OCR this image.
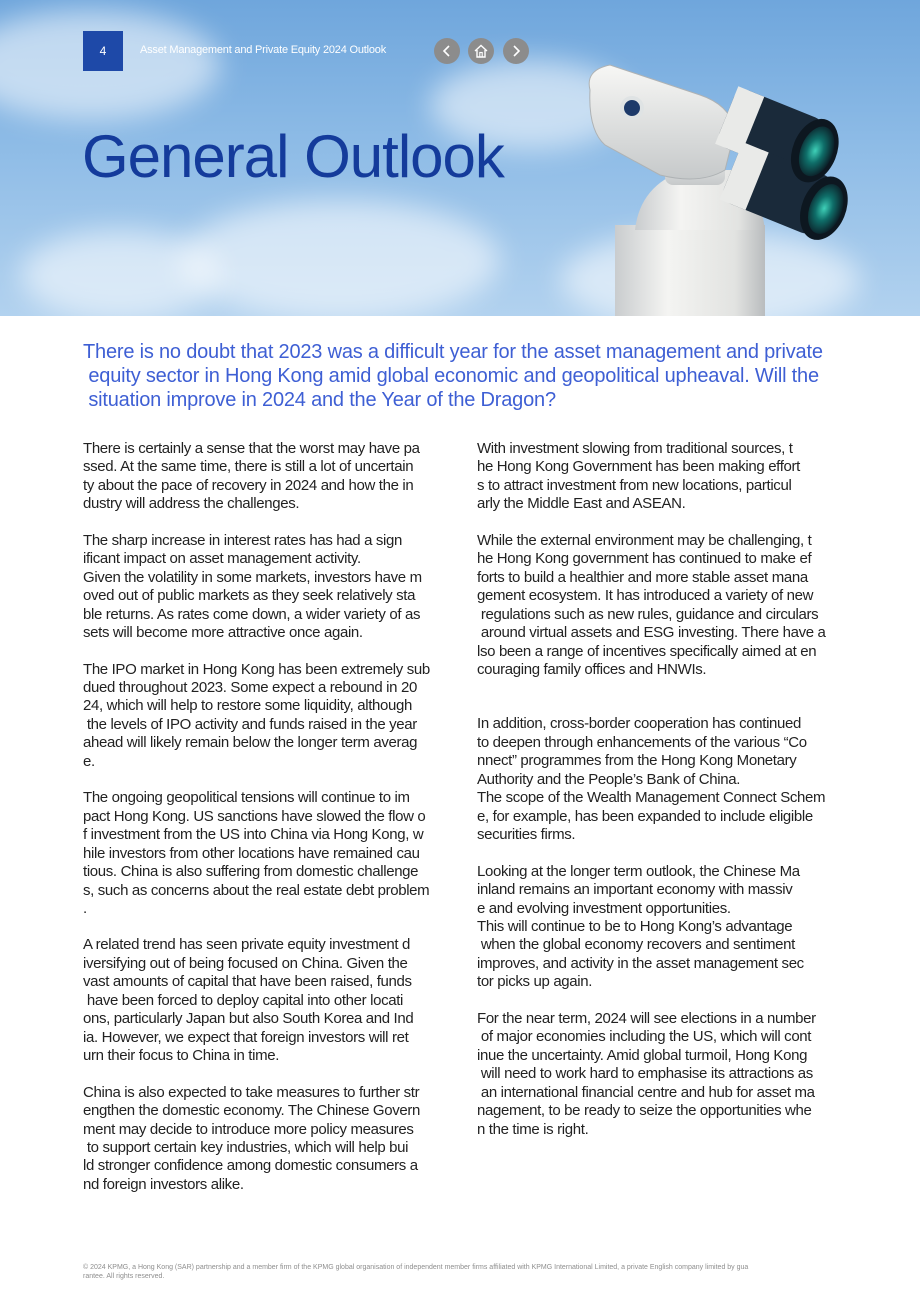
4	Asset Management and Private Equity 2024 Outlook
General Outlook

There is no doubt that 2023 was a difficult year for the asset management and private
equity sector in Hong Kong amid global economic and geopolitical upheaval. Will the
situation improve in 2024 and the Year of the Dragon?

There is certainly a sense that the worst may have pa
ssed. At the same time, there is still a lot of uncertain
ty about the pace of recovery in 2024 and how the in
dustry will address the challenges.

The sharp increase in interest rates has had a sign
ificant impact on asset management activity.
Given the volatility in some markets, investors have m
oved out of public markets as they seek relatively sta
ble returns. As rates come down, a wider variety of as
sets will become more attractive once again.

The IPO market in Hong Kong has been extremely sub
dued throughout 2023. Some expect a rebound in 20
24, which will help to restore some liquidity, although
the levels of IPO activity and funds raised in the year
ahead will likely remain below the longer term averag
e.

The ongoing geopolitical tensions will continue to im
pact Hong Kong. US sanctions have slowed the flow o
f investment from the US into China via Hong Kong, w
hile investors from other locations have remained cau
tious. China is also suffering from domestic challenge
s, such as concerns about the real estate debt problem
.

A related trend has seen private equity investment d
iversifying out of being focused on China. Given the
vast amounts of capital that have been raised, funds
have been forced to deploy capital into other locati
ons, particularly Japan but also South Korea and Ind
ia. However, we expect that foreign investors will ret
urn their focus to China in time.

China is also expected to take measures to further str
engthen the domestic economy. The Chinese Govern
ment may decide to introduce more policy measures
to support certain key industries, which will help bui
ld stronger confidence among domestic consumers a
nd foreign investors alike.

With investment slowing from traditional sources, t
he Hong Kong Government has been making effort
s to attract investment from new locations, particul
arly the Middle East and ASEAN.

While the external environment may be challenging, t
he Hong Kong government has continued to make ef
forts to build a healthier and more stable asset mana
gement ecosystem. It has introduced a variety of new
regulations such as new rules, guidance and circulars
around virtual assets and ESG investing. There have a
lso been a range of incentives specifically aimed at en
couraging family offices and HNWIs.

In addition, cross-border cooperation has continued
to deepen through enhancements of the various “Co
nnect” programmes from the Hong Kong Monetary
Authority and the People’s Bank of China.
The scope of the Wealth Management Connect Schem
e, for example, has been expanded to include eligible
securities firms.

Looking at the longer term outlook, the Chinese Ma
inland remains an important economy with massiv
e and evolving investment opportunities.
This will continue to be to Hong Kong’s advantage
when the global economy recovers and sentiment
improves, and activity in the asset management sec
tor picks up again.

For the near term, 2024 will see elections in a number
of major economies including the US, which will cont
inue the uncertainty. Amid global turmoil, Hong Kong
will need to work hard to emphasise its attractions as
an international financial centre and hub for asset ma
nagement, to be ready to seize the opportunities whe
n the time is right.

© 2024 KPMG, a Hong Kong (SAR) partnership and a member firm of the KPMG global organisation of independent member firms affiliated with KPMG International Limited, a private English company limited by gua
rantee. All rights reserved.
